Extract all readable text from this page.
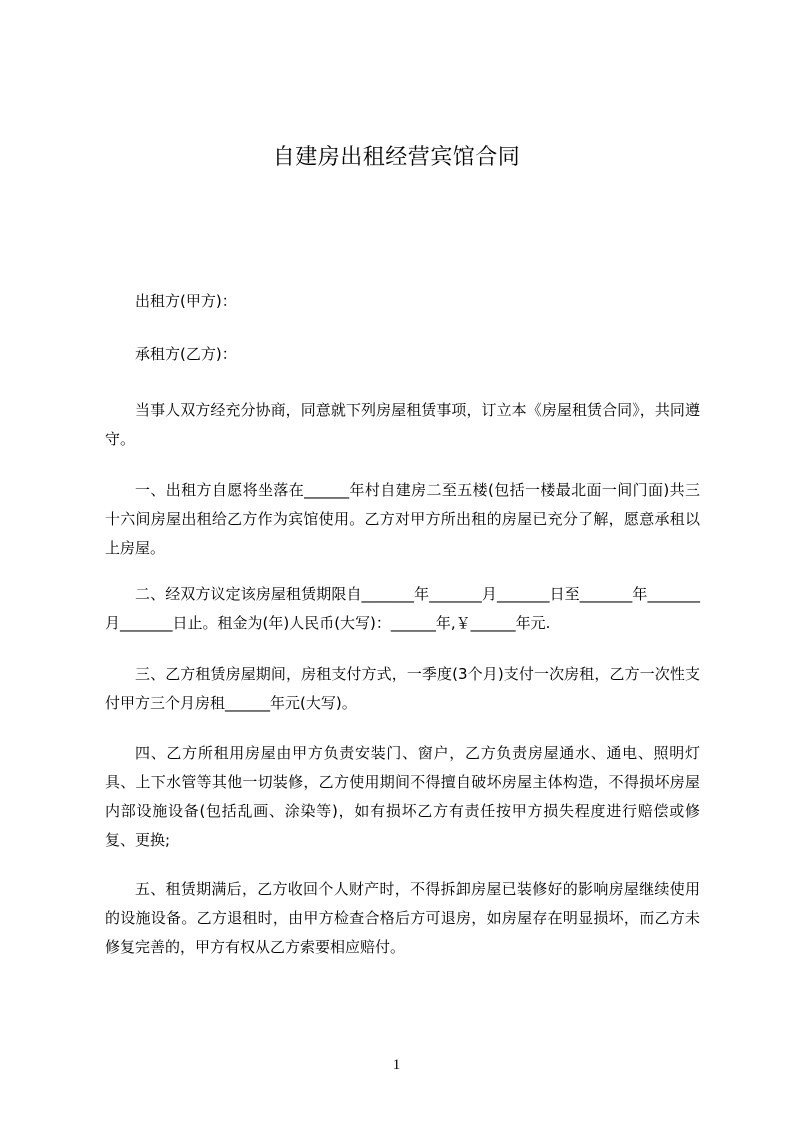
自建房出租经营宾馆合同

出租方(甲方)：

承租方(乙方)：

当事人双方经充分协商，同意就下列房屋租赁事项，订立本《房屋租赁合同》，共同遵守。

一、出租方自愿将坐落在______年村自建房二至五楼(包括一楼最北面一间门面)共三十六间房屋出租给乙方作为宾馆使用。乙方对甲方所出租的房屋已充分了解，愿意承租以上房屋。

二、经双方议定该房屋租赁期限自_______年_______月_______日至_______年_______月_______日止。租金为(年)人民币(大写)：______年,￥______年元.

三、乙方租赁房屋期间，房租支付方式，一季度(3个月)支付一次房租，乙方一次性支付甲方三个月房租______年元(大写)。

四、乙方所租用房屋由甲方负责安装门、窗户，乙方负责房屋通水、通电、照明灯具、上下水管等其他一切装修，乙方使用期间不得擅自破坏房屋主体构造，不得损坏房屋内部设施设备(包括乱画、涂染等)，如有损坏乙方有责任按甲方损失程度进行赔偿或修复、更换;

五、租赁期满后，乙方收回个人财产时，不得拆卸房屋已装修好的影响房屋继续使用的设施设备。乙方退租时，由甲方检查合格后方可退房，如房屋存在明显损坏，而乙方未修复完善的，甲方有权从乙方索要相应赔付。

1
